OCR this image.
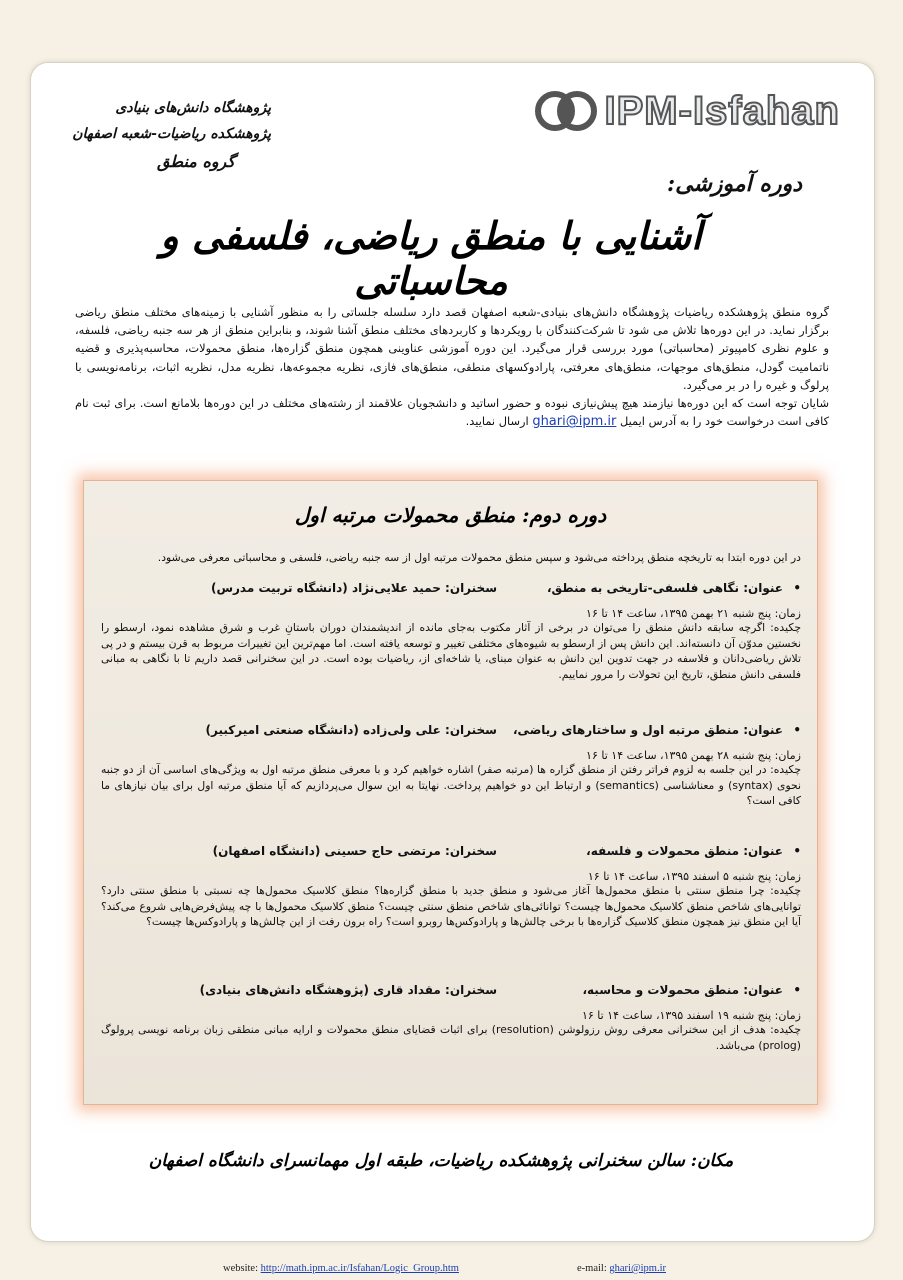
پژوهشگاه دانش‌های بنیادی
پژوهشکده ریاضیات-شعبه اصفهان
گروه منطق
IPM-Isfahan
دوره آموزشی:
آشنایی با منطق ریاضی، فلسفی و محاسباتی

گروه منطق پژوهشکده ریاضیات پژوهشگاه دانش‌های بنیادی-شعبه اصفهان قصد دارد سلسله جلساتی را به منظور آشنایی با زمینه‌های مختلف منطق ریاضی برگزار نماید. در این دوره‌ها تلاش می شود تا شرکت‌کنندگان با رویکردها و کاربردهای مختلف منطق آشنا شوند، و بنابراین منطق از هر سه جنبه ریاضی، فلسفه، و علوم نظری کامپیوتر (محاسباتی) مورد بررسی قرار می‌گیرد. این دوره آموزشی عناوینی همچون منطق گزاره‌ها، منطق محمولات، محاسبه‌پذیری و قضیه ناتمامیت گودل، منطق‌های موجهات، منطق‌های معرفتی، پارادوکسهای منطقی، منطق‌های فازی، نظریه مجموعه‌ها، نظریه مدل، نظریه اثبات، برنامه‌نویسی با پرلوگ و غیره را در بر می‌گیرد.

شایان توجه است که این دوره‌ها نیازمند هیچ پیش‌نیازی نبوده و حضور اساتید و دانشجویان علاقمند از رشته‌های مختلف در این دوره‌ها بلامانع است. برای ثبت نام کافی است درخواست خود را به آدرس ایمیل ghari@ipm.ir ارسال نمایید.

دوره دوم: منطق محمولات مرتبه اول
در این دوره ابتدا به تاریخچه منطق پرداخته می‌شود و سپس منطق محمولات مرتبه اول از سه جنبه ریاضی، فلسفی و محاسباتی معرفی می‌شود.
•
عنوان: نگاهی فلسفی-تاریخی به منطق،
سخنران: حمید علایی‌نژاد (دانشگاه تربیت مدرس)
زمان: پنج شنبه ۲۱ بهمن ۱۳۹۵، ساعت ۱۴ تا ۱۶
چکیده: اگرچه سابقه دانش منطق را می‌توان در برخی از آثار مکتوب به‌جای مانده از اندیشمندان دوران باستانِ غرب و شرق مشاهده نمود، ارسطو را نخستین مدوّن آن دانسته‌اند. این دانش پس از ارسطو به شیوه‌های مختلفی تغییر و توسعه یافته است. اما مهم‌ترین این تغییرات مربوط به قرن بیستم و در پی تلاش ریاضی‌دانان و فلاسفه در جهت تدوین این دانش به عنوان مبنای، یا شاخه‌ای از، ریاضیات بوده است. در این سخنرانی قصد داریم تا با نگاهی به مبانی فلسفی دانش منطق، تاریخ این تحولات را مرور نماییم.
•
عنوان: منطق مرتبه اول و ساختارهای ریاضی،
سخنران: علی ولی‌زاده (دانشگاه صنعتی امیرکبیر)
زمان: پنج شنبه ۲۸ بهمن ۱۳۹۵، ساعت ۱۴ تا ۱۶
چکیده: در این جلسه به لزوم فراتر رفتن از منطق گزاره ها (مرتبه صفر) اشاره خواهیم کرد و با معرفی منطق مرتبه اول به ویژگی‌های اساسی آن از دو جنبه نحوی (syntax) و معناشناسی (semantics) و ارتباط این دو خواهیم پرداخت. نهایتا به این سوال می‌پردازیم که آیا منطق مرتبه اول برای بیان نیازهای ما کافی است؟
•
عنوان: منطق محمولات و فلسفه،
سخنران: مرتضی حاج حسینی (دانشگاه اصفهان)
زمان: پنج شنبه ۵ اسفند ۱۳۹۵، ساعت ۱۴ تا ۱۶
چکیده: چرا منطق سنتی با منطق محمول‌ها آغاز می‌شود و منطق جدید با منطق گزاره‌ها؟ منطق کلاسیک محمول‌ها چه نسبتی با منطق سنتی دارد؟ توانایی‌های شاخص منطق کلاسیک محمول‌ها چیست؟ توانائی‌های شاخص منطق سنتی چیست؟ منطق کلاسیک محمول‌ها با چه پیش‌فرض‌هایی شروع می‌کند؟ آیا این منطق نیز همچون منطق کلاسیک گزاره‌ها با برخی چالش‌ها و پارادوکس‌ها روبرو است؟ راه برون رفت از این چالش‌ها و پارادوکس‌ها چیست؟
•
عنوان: منطق محمولات و محاسبه،
سخنران: مقداد قاری (پژوهشگاه دانش‌های بنیادی)
زمان: پنج شنبه ۱۹ اسفند ۱۳۹۵، ساعت ۱۴ تا ۱۶
چکیده: هدف از این سخنرانی معرفی روش رزولوشن (resolution) برای اثبات قضایای منطق محمولات و ارایه مبانی منطقی زبان برنامه نویسی پرولوگ (prolog) می‌باشد.
مکان: سالن سخنرانی پژوهشکده ریاضیات، طبقه اول مهمانسرای دانشگاه اصفهان
website: http://math.ipm.ac.ir/Isfahan/Logic_Group.htm	e-mail: ghari@ipm.ir
